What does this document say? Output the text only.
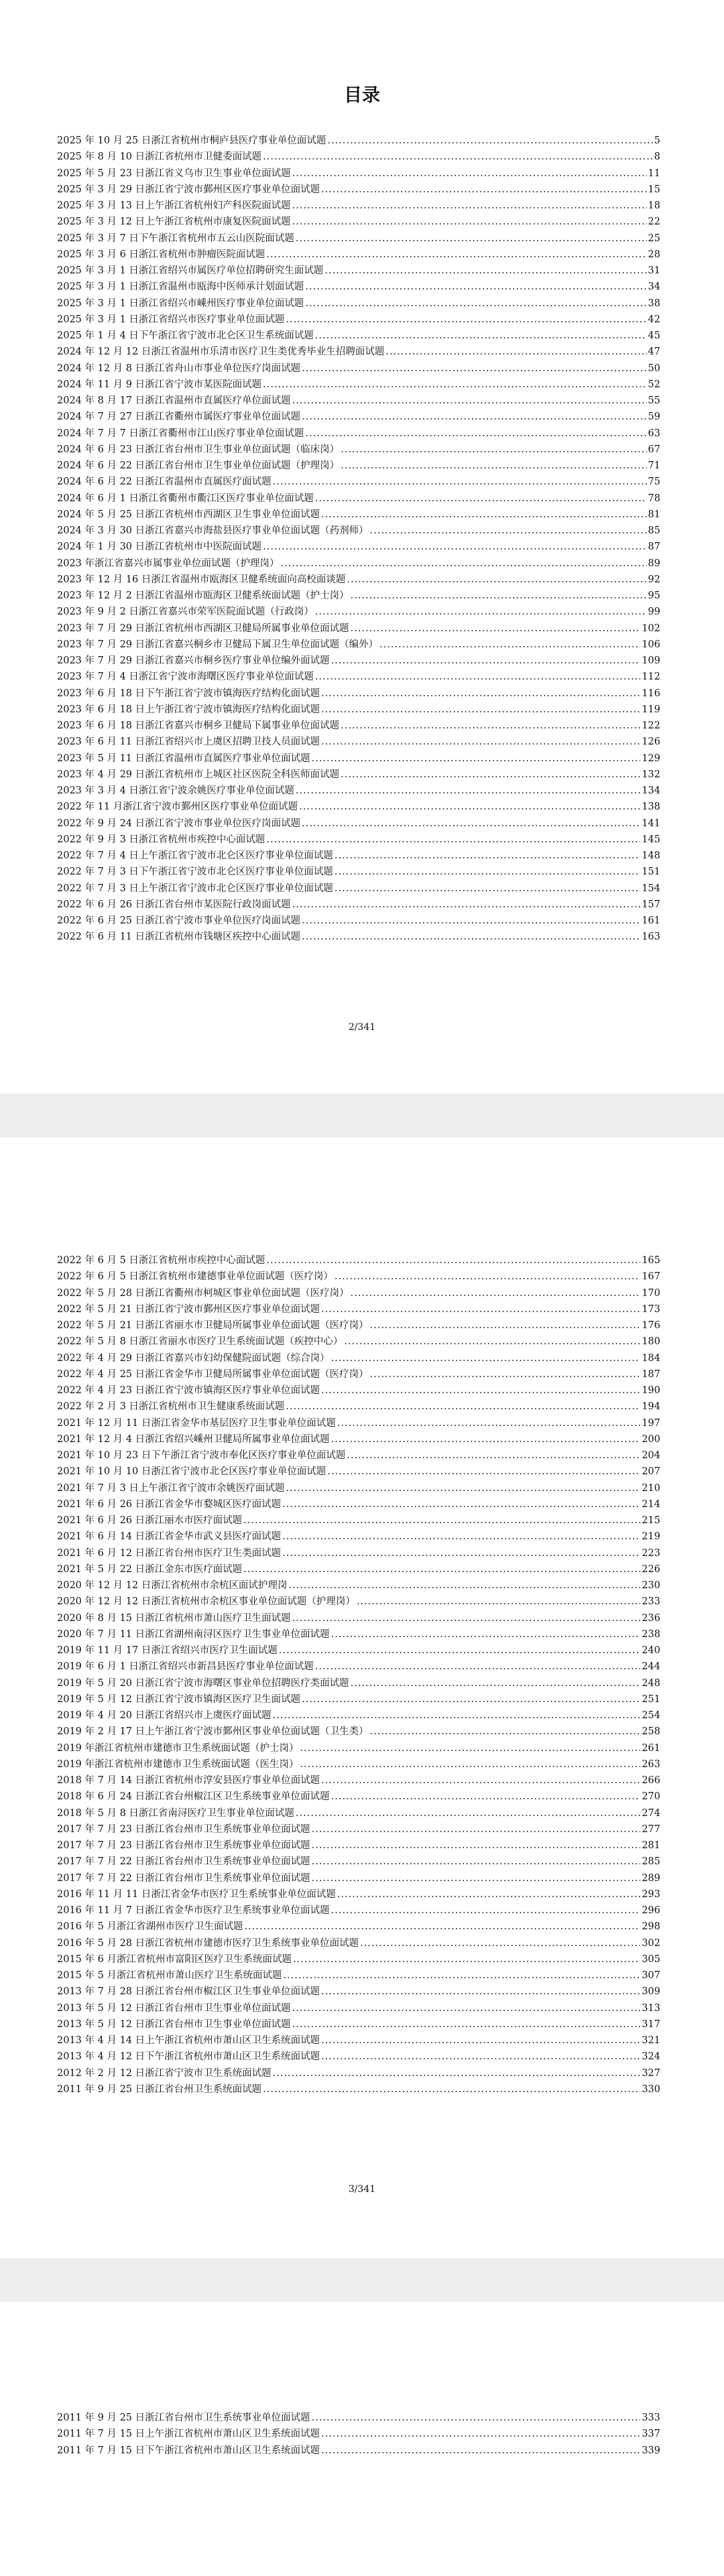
目录
2025 年 10 月 25 日浙江省杭州市桐庐县医疗事业单位面试题 .....	5
2025 年 8 月 10 日浙江省杭州市卫健委面试题 .....	8
2025 年 5 月 23 日浙江省义乌市卫生事业单位面试题 .....	11
2025 年 3 月 29 日浙江省宁波市鄞州区医疗事业单位面试题 .....	15
2025 年 3 月 13 日上午浙江省杭州妇产科医院面试题 .....	18
2025 年 3 月 12 日上午浙江省杭州市康复医院面试题 .....	22
2025 年 3 月 7 日下午浙江省杭州市五云山医院面试题 .....	25
2025 年 3 月 6 日浙江省杭州市肿瘤医院面试题 .....	28
2025 年 3 月 1 日浙江省绍兴市属医疗单位招聘研究生面试题 .....	31
2025 年 3 月 1 日浙江省温州市瓯海中医师承计划面试题 .....	34
2025 年 3 月 1 日浙江省绍兴市嵊州医疗事业单位面试题 .....	38
2025 年 3 月 1 日浙江省绍兴市医疗事业单位面试题 .....	42
2025 年 1 月 4 日下午浙江省宁波市北仑区卫生系统面试题 .....	45
2024 年 12 月 12 日浙江省温州市乐清市医疗卫生类优秀毕业生招聘面试题 .....	47
2024 年 12 月 8 日浙江省舟山市事业单位医疗岗面试题 .....	50
2024 年 11 月 9 日浙江省宁波市某医院面试题 .....	52
2024 年 8 月 17 日浙江省温州市直属医疗单位面试题 .....	55
2024 年 7 月 27 日浙江省衢州市属医疗事业单位面试题 .....	59
2024 年 7 月 7 日浙江省衢州市江山医疗事业单位面试题 .....	63
2024 年 6 月 23 日浙江省台州市卫生事业单位面试题（临床岗） .....	67
2024 年 6 月 22 日浙江省台州市卫生事业单位面试题（护理岗） .....	71
2024 年 6 月 22 日浙江省温州市直属医疗面试题 .....	75
2024 年 6 月 1 日浙江省衢州市衢江区医疗事业单位面试题 .....	78
2024 年 5 月 25 日浙江省杭州市西湖区卫生事业单位面试题 .....	81
2024 年 3 月 30 日浙江省嘉兴市海盐县医疗事业单位面试题（药剂师） .....	85
2024 年 1 月 30 日浙江省杭州市中医院面试题 .....	87
2023 年浙江省嘉兴市属事业单位面试题（护理岗） .....	89
2023 年 12 月 16 日浙江省温州市瓯海区卫健系统面向高校面谈题 .....	92
2023 年 12 月 2 日浙江省温州市瓯海区卫健系统面试题（护士岗） .....	95
2023 年 9 月 2 日浙江省嘉兴市荣军医院面试题（行政岗） .....	99
2023 年 7 月 29 日浙江省杭州市西湖区卫健局所属事业单位面试题 .....	102
2023 年 7 月 29 日浙江省嘉兴桐乡市卫健局下属卫生单位面试题（编外） .....	106
2023 年 7 月 29 日浙江省嘉兴市桐乡医疗事业单位编外面试题 .....	109
2023 年 7 月 4 日浙江省宁波市海曙区医疗事业单位面试题 .....	112
2023 年 6 月 18 日下午浙江省宁波市镇海医疗结构化面试题 .....	116
2023 年 6 月 18 日上午浙江省宁波市镇海医疗结构化面试题 .....	119
2023 年 6 月 18 日浙江省嘉兴市桐乡卫健局下属事业单位面试题 .....	122
2023 年 6 月 11 日浙江省绍兴市上虞区招聘卫技人员面试题 .....	126
2023 年 5 月 11 日浙江省温州市直属医疗事业单位面试题 .....	129
2023 年 4 月 29 日浙江省杭州市上城区社区医院全科医师面试题 .....	132
2023 年 3 月 4 日浙江省宁波余姚医疗事业单位面试题 .....	134
2022 年 11 月浙江省宁波市鄞州区医疗事业单位面试题 .....	138
2022 年 9 月 24 日浙江省宁波市事业单位医疗岗面试题 .....	141
2022 年 9 月 3 日浙江省杭州市疾控中心面试题 .....	145
2022 年 7 月 4 日上午浙江省宁波市北仑区医疗事业单位面试题 .....	148
2022 年 7 月 3 日下午浙江省宁波市北仑区医疗事业单位面试题 .....	151
2022 年 7 月 3 日上午浙江省宁波市北仑区医疗事业单位面试题 .....	154
2022 年 6 月 26 日浙江省台州市某医院行政岗面试题 .....	157
2022 年 6 月 25 日浙江省宁波市事业单位医疗岗面试题 .....	161
2022 年 6 月 11 日浙江省杭州市钱塘区疾控中心面试题 .....	163
2/341
2022 年 6 月 5 日浙江省杭州市疾控中心面试题 .....	165
2022 年 6 月 5 日浙江省杭州市建德事业单位面试题（医疗岗） .....	167
2022 年 5 月 28 日浙江省衢州市柯城区事业单位面试题（医疗岗） .....	170
2022 年 5 月 21 日浙江省宁波市鄞州区医疗事业单位面试题 .....	173
2022 年 5 月 21 日浙江省丽水市卫健局所属事业单位面试题（医疗岗） .....	176
2022 年 5 月 8 日浙江省丽水市医疗卫生系统面试题（疾控中心） .....	180
2022 年 4 月 29 日浙江省嘉兴市妇幼保健院面试题（综合岗） .....	184
2022 年 4 月 25 日浙江省金华市卫健局所属事业单位面试题（医疗岗） .....	187
2022 年 4 月 23 日浙江省宁波市镇海区医疗事业单位面试题 .....	190
2022 年 2 月 3 日浙江省杭州市卫生健康系统面试题 .....	194
2021 年 12 月 11 日浙江省金华市基层医疗卫生事业单位面试题 .....	197
2021 年 12 月 4 日浙江省绍兴嵊州卫健局所属事业单位面试题 .....	200
2021 年 10 月 23 日下午浙江省宁波市奉化区医疗事业单位面试题 .....	204
2021 年 10 月 10 日浙江省宁波市北仑区医疗事业单位面试题 .....	207
2021 年 7 月 3 日上午浙江省宁波市余姚医疗面试题 .....	210
2021 年 6 月 26 日浙江省金华市婺城区医疗面试题 .....	214
2021 年 6 月 26 日浙江丽水市医疗面试题 .....	215
2021 年 6 月 14 日浙江省金华市武义县医疗面试题 .....	219
2021 年 6 月 12 日浙江省台州市医疗卫生类面试题 .....	223
2021 年 5 月 22 日浙江金东市医疗面试题 .....	226
2020 年 12 月 12 日浙江省杭州市余杭区面试护理岗 .....	230
2020 年 12 月 12 日浙江省杭州市余杭区事业单位面试题（护理岗） .....	233
2020 年 8 月 15 日浙江省杭州市萧山医疗卫生面试题 .....	236
2020 年 7 月 11 日浙江省湖州南浔区医疗卫生事业单位面试题 .....	238
2019 年 11 月 17 日浙江省绍兴市医疗卫生面试题 .....	240
2019 年 6 月 1 日浙江省绍兴市新昌县医疗事业单位面试题 .....	244
2019 年 5 月 20 日浙江省宁波市海曙区事业单位招聘医疗类面试题 .....	248
2019 年 5 月 12 日浙江省宁波市镇海区医疗卫生面试题 .....	251
2019 年 4 月 20 日浙江省绍兴市上虞医疗面试题 .....	254
2019 年 2 月 17 日上午浙江省宁波市鄞州区事业单位面试题（卫生类） .....	258
2019 年浙江省杭州市建德市卫生系统面试题（护士岗） .....	261
2019 年浙江省杭州市建德市卫生系统面试题（医生岗） .....	263
2018 年 7 月 14 日浙江省杭州市淳安县医疗事业单位面试题 .....	266
2018 年 6 月 24 日浙江省台州椒江区卫生系统事业单位面试题 .....	270
2018 年 5 月 8 日浙江省南浔医疗卫生事业单位面试题 .....	274
2017 年 7 月 23 日浙江省台州市卫生系统事业单位面试题 .....	277
2017 年 7 月 23 日浙江省台州市卫生系统事业单位面试题 .....	281
2017 年 7 月 22 日浙江省台州市卫生系统事业单位面试题 .....	285
2017 年 7 月 22 日浙江省台州市卫生系统事业单位面试题 .....	289
2016 年 11 月 11 日浙江省金华市医疗卫生系统事业单位面试题 .....	293
2016 年 11 月 7 日浙江省金华市医疗卫生系统事业单位面试题 .....	296
2016 年 5 月浙江省湖州市医疗卫生面试题 .....	298
2016 年 5 月 28 日浙江省杭州市建德市医疗卫生系统事业单位面试题 .....	302
2015 年 6 月浙江省杭州市富阳区医疗卫生系统面试题 .....	305
2015 年 5 月浙江省杭州市萧山医疗卫生系统面试题 .....	307
2013 年 7 月 28 日浙江省台州市椒江区卫生事业单位面试题 .....	309
2013 年 5 月 12 日浙江省台州市卫生事业单位面试题 .....	313
2013 年 5 月 12 日浙江省台州市卫生事业单位面试题 .....	317
2013 年 4 月 14 日上午浙江省杭州市萧山区卫生系统面试题 .....	321
2013 年 4 月 12 日下午浙江省杭州市萧山区卫生系统面试题 .....	324
2012 年 2 月 12 日浙江省宁波市卫生系统面试题 .....	327
2011 年 9 月 25 日浙江省台州卫生系统面试题 .....	330
3/341
2011 年 9 月 25 日浙江省台州市卫生系统事业单位面试题 .....	333
2011 年 7 月 15 日上午浙江省杭州市萧山区卫生系统面试题 .....	337
2011 年 7 月 15 日下午浙江省杭州市萧山区卫生系统面试题 .....	339
